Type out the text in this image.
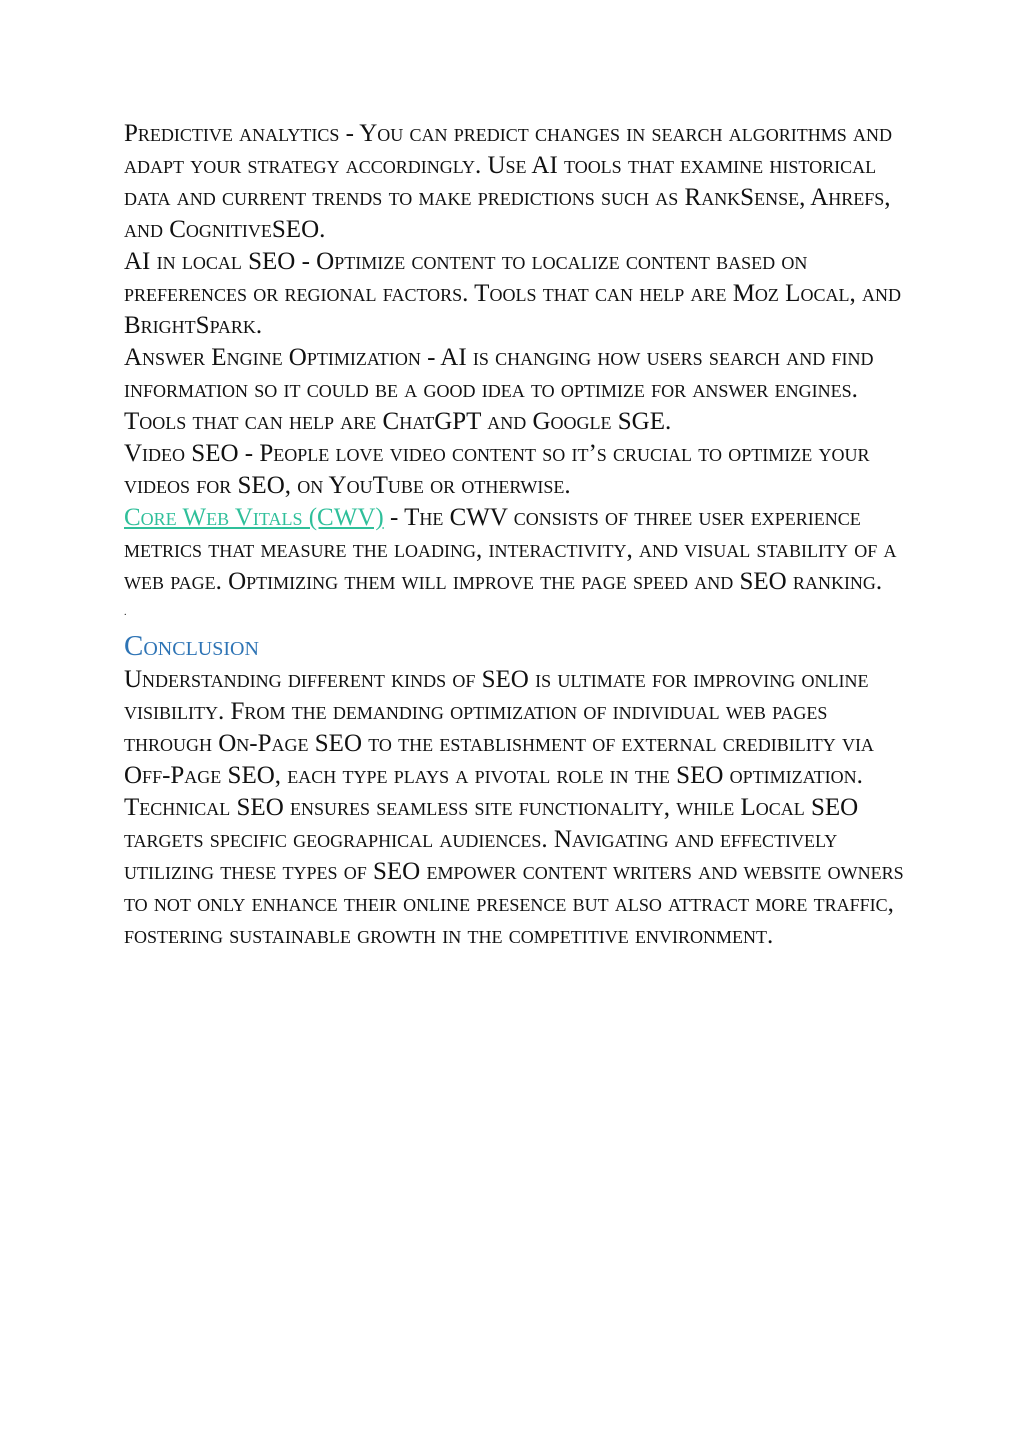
Predictive analytics - You can predict changes in search algorithms and adapt your strategy accordingly. Use AI tools that examine historical data and current trends to make predictions such as RankSense, Ahrefs, and CognitiveSEO.

AI in local SEO - Optimize content to localize content based on preferences or regional factors. Tools that can help are Moz Local, and BrightSpark.

Answer Engine Optimization - AI is changing how users search and find information so it could be a good idea to optimize for answer engines. Tools that can help are ChatGPT and Google SGE.

Video SEO - People love video content so it’s crucial to optimize your videos for SEO, on YouTube or otherwise.

Core Web Vitals (CWV) - The CWV consists of three user experience metrics that measure the loading, interactivity, and visual stability of a web page. Optimizing them will improve the page speed and SEO ranking.

.

Conclusion

Understanding different kinds of SEO is ultimate for improving online visibility. From the demanding optimization of individual web pages through On-Page SEO to the establishment of external credibility via Off-Page SEO, each type plays a pivotal role in the SEO optimization. Technical SEO ensures seamless site functionality, while Local SEO targets specific geographical audiences. Navigating and effectively utilizing these types of SEO empower content writers and website owners to not only enhance their online presence but also attract more traffic, fostering sustainable growth in the competitive environment.
